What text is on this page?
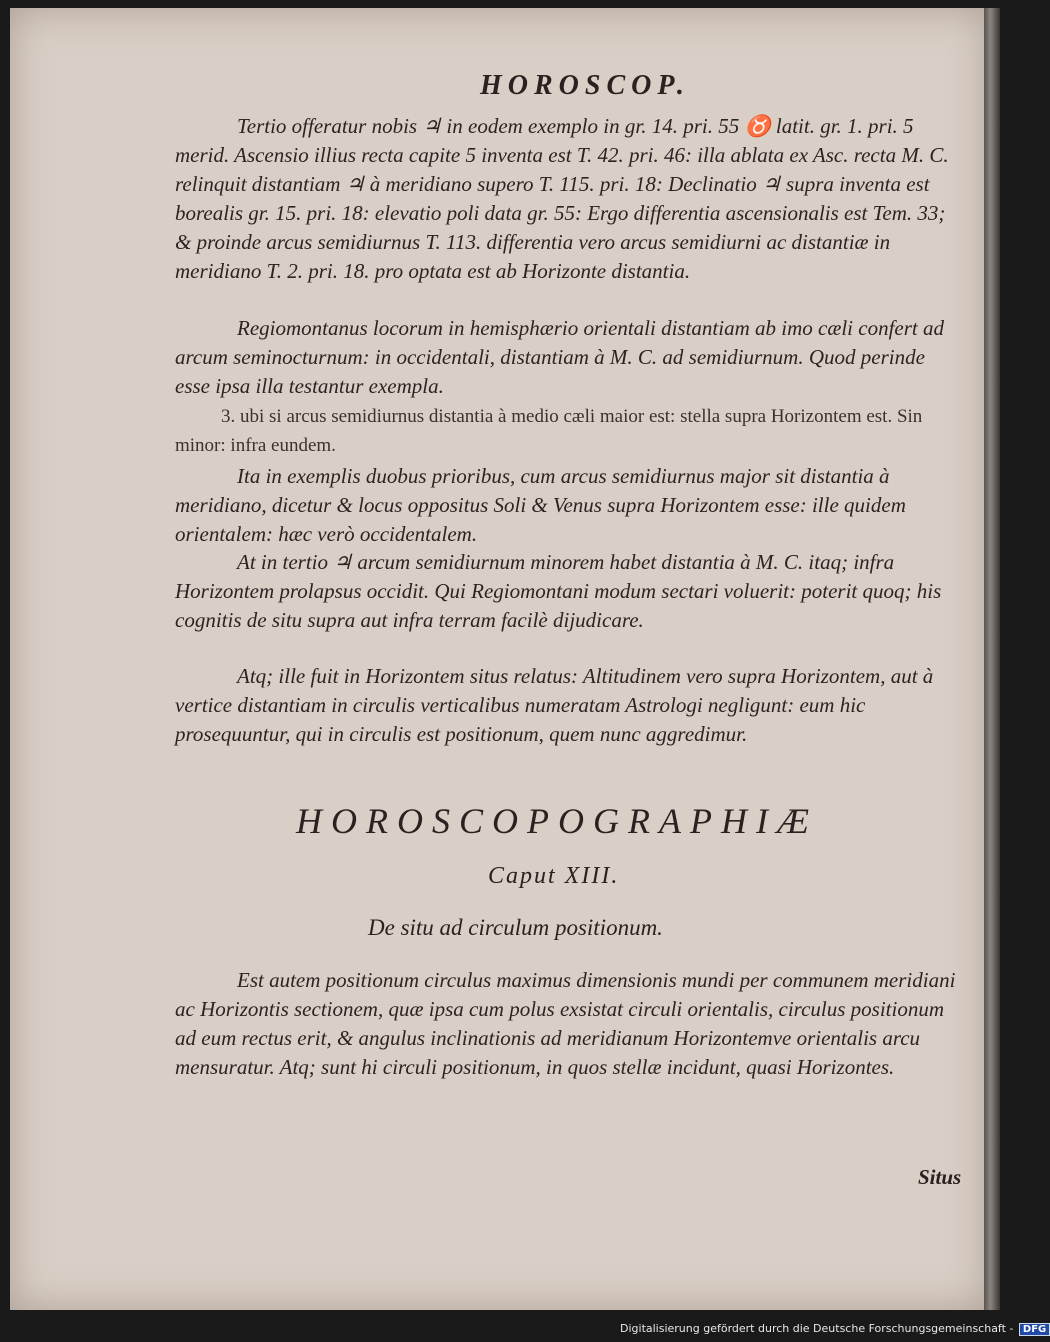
HOROSCOP.

Tertio offeratur nobis ♃ in eodem exemplo in gr. 14. pri. 55 ♉ latit. gr. 1. pri. 5 merid. Ascensio illius recta capite 5 inventa est T. 42. pri. 46: illa ablata ex Asc. recta M. C. relinquit distantiam ♃ à meridiano supero T. 115. pri. 18: Declinatio ♃ supra inventa est borealis gr. 15. pri. 18: elevatio poli data gr. 55: Ergo differentia ascensionalis est Tem. 33; & proinde arcus semidiurnus T. 113. differentia vero arcus semidiurni ac distantiæ in meridiano T. 2. pri. 18. pro optata est ab Horizonte distantia.

Regiomontanus locorum in hemisphærio orientali distantiam ab imo cæli confert ad arcum seminocturnum: in occidentali, distantiam à M. C. ad semidiurnum. Quod perinde esse ipsa illa testantur exempla.

3. ubi si arcus semidiurnus distantia à medio cæli maior est: stella supra Horizontem est. Sin minor: infra eundem.

Ita in exemplis duobus prioribus, cum arcus semidiurnus major sit distantia à meridiano, dicetur & locus oppositus Soli & Venus supra Horizontem esse: ille quidem orientalem: hæc verò occidentalem.

At in tertio ♃ arcum semidiurnum minorem habet distantia à M. C. itaq; infra Horizontem prolapsus occidit. Qui Regiomontani modum sectari voluerit: poterit quoq; his cognitis de situ supra aut infra terram facilè dijudicare.

Atq; ille fuit in Horizontem situs relatus: Altitudinem vero supra Horizontem, aut à vertice distantiam in circulis verticalibus numeratam Astrologi negligunt: eum hic prosequuntur, qui in circulis est positionum, quem nunc aggredimur.

HOROSCOPOGRAPHIÆ
Caput XIII.
De situ ad circulum positionum.

Est autem positionum circulus maximus dimensionis mundi per communem meridiani ac Horizontis sectionem, quæ ipsa cum polus exsistat circuli orientalis, circulus positionum ad eum rectus erit, & angulus inclinationis ad meridianum Horizontemve orientalis arcu mensuratur. Atq; sunt hi circuli positionum, in quos stellæ incidunt, quasi Horizontes.

Situs
Digitalisierung gefördert durch die Deutsche Forschungsgemeinschaft - DFG
